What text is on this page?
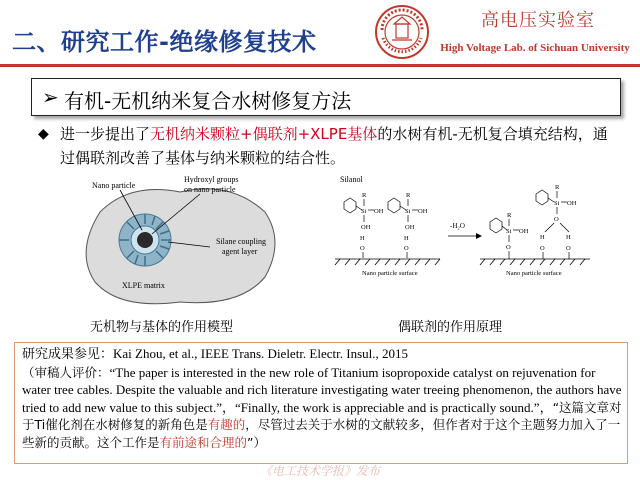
二、研究工作-绝缘修复技术
高电压实验室
High Voltage Lab. of Sichuan University
➢ 有机-无机纳米复合水树修复方法
◆ 进一步提出了无机纳米颗粒+偶联剂+XLPE基体的水树有机-无机复合填充结构，通过偶联剂改善了基体与纳米颗粒的结合性。
Nano particle
Hydroxyl groups
on nano particle
Silane coupling
agent layer
XLPE matrix
Silanol
R
Si OH
OH
H
O
R
Si OH
OH
H
O
Nano particle surface
-H₂O
R
Si OH
O
R
Si OH
O
H	H
O	O
Nano particle surface
无机物与基体的作用模型	偶联剂的作用原理
研究成果参见：Kai Zhou, et al., IEEE Trans. Dieletr. Electr. Insul., 2015
（审稿人评价：“The paper is interested in the new role of Titanium isopropoxide catalyst on rejuvenation for water tree cables. Despite the valuable and rich literature investigating water treeing phenomenon, the authors have tried to add new value to this subject.”，“Finally, the work is appreciable and is practically sound.”，“这篇文章对于Ti催化剂在水树修复的新角色是有趣的，尽管过去关于水树的文献较多，但作者对于这个主题努力加入了一些新的贡献。这个工作是有前途和合理的”）
《电工技术学报》发布
